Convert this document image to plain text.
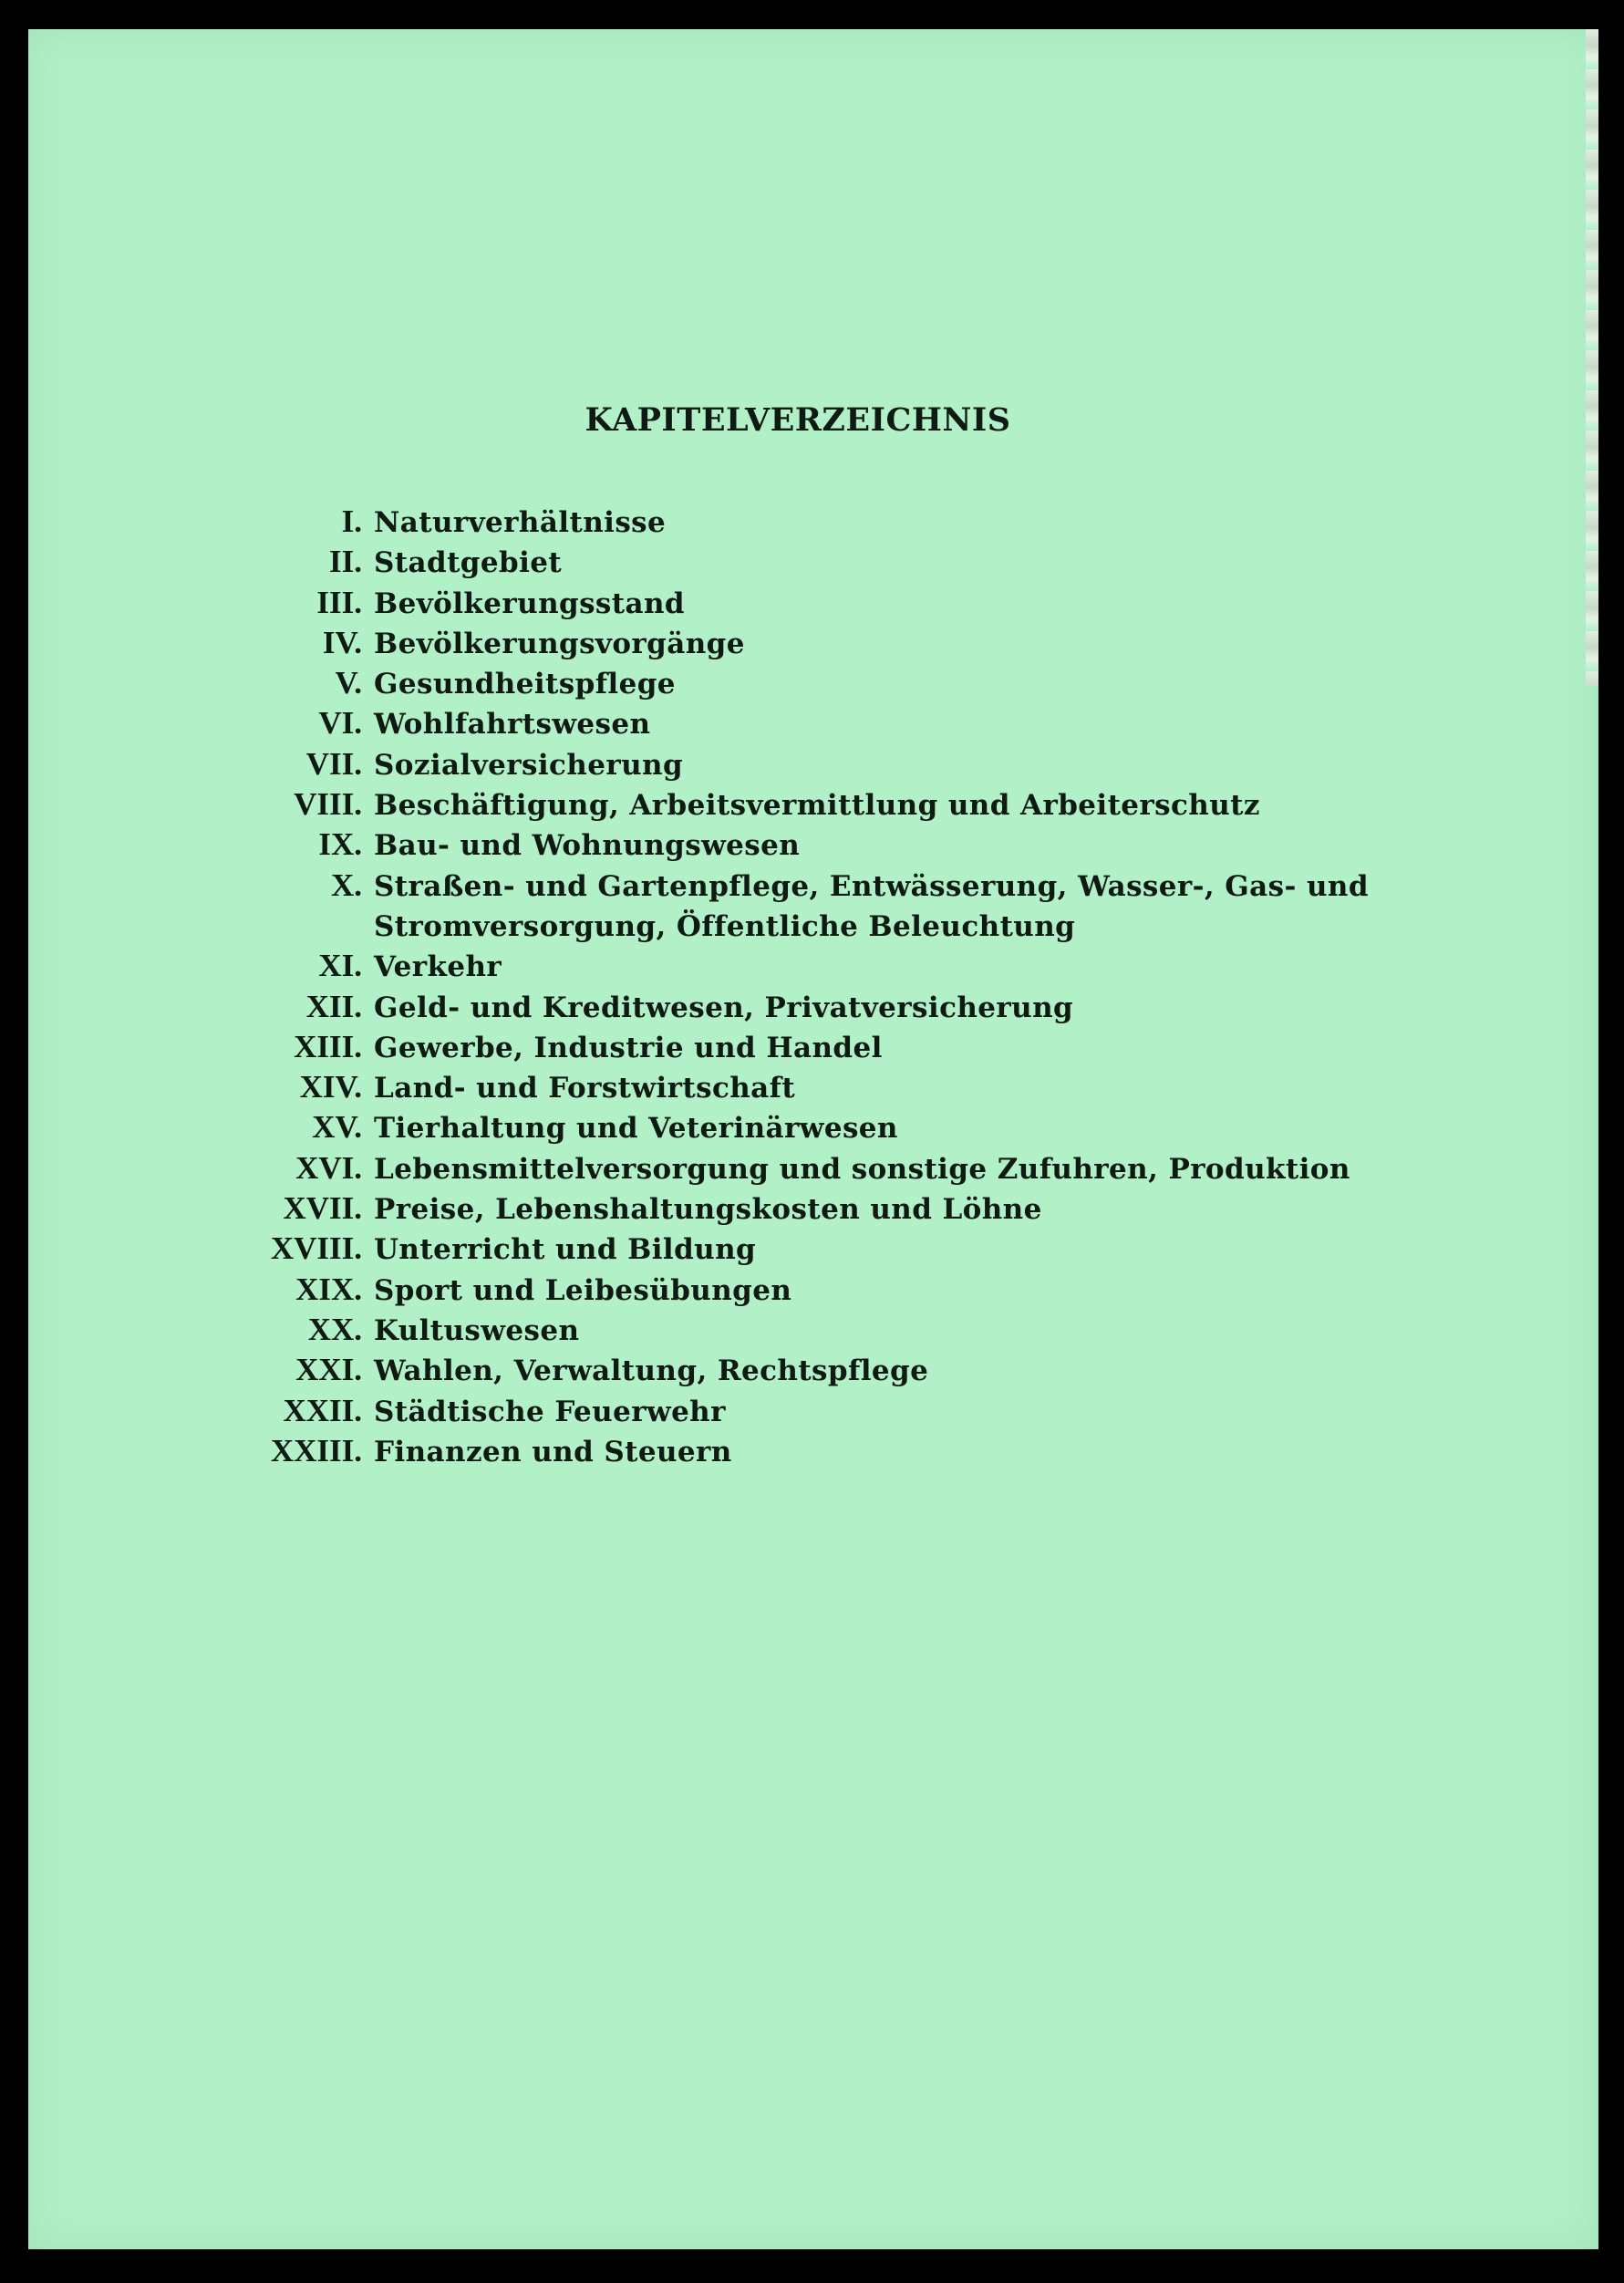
KAPITELVERZEICHNIS
I. Naturverhältnisse
II. Stadtgebiet
III. Bevölkerungsstand
IV. Bevölkerungsvorgänge
V. Gesundheitspflege
VI. Wohlfahrtswesen
VII. Sozialversicherung
VIII. Beschäftigung, Arbeitsvermittlung und Arbeiterschutz
IX. Bau- und Wohnungswesen
X. Straßen- und Gartenpflege, Entwässerung, Wasser-, Gas- und Stromversorgung, Öffentliche Beleuchtung
XI. Verkehr
XII. Geld- und Kreditwesen, Privatversicherung
XIII. Gewerbe, Industrie und Handel
XIV. Land- und Forstwirtschaft
XV. Tierhaltung und Veterinärwesen
XVI. Lebensmittelversorgung und sonstige Zufuhren, Produktion
XVII. Preise, Lebenshaltungskosten und Löhne
XVIII. Unterricht und Bildung
XIX. Sport und Leibesübungen
XX. Kultuswesen
XXI. Wahlen, Verwaltung, Rechtspflege
XXII. Städtische Feuerwehr
XXIII. Finanzen und Steuern
